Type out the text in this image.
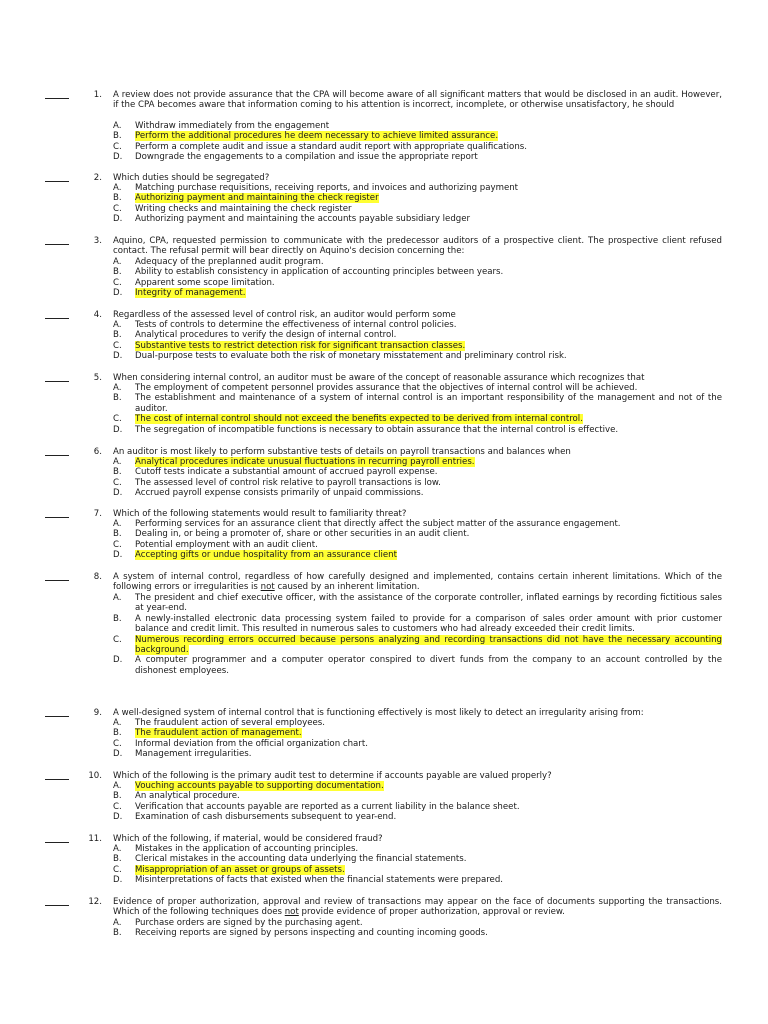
1. A review does not provide assurance that the CPA will become aware of all significant matters that would be disclosed in an audit. However, if the CPA becomes aware that information coming to his attention is incorrect, incomplete, or otherwise unsatisfactory, he should
A. Withdraw immediately from the engagement
B. Perform the additional procedures he deem necessary to achieve limited assurance.
C. Perform a complete audit and issue a standard audit report with appropriate qualifications.
D. Downgrade the engagements to a compilation and issue the appropriate report
2. Which duties should be segregated?
A. Matching purchase requisitions, receiving reports, and invoices and authorizing payment
B. Authorizing payment and maintaining the check register
C. Writing checks and maintaining the check register
D. Authorizing payment and maintaining the accounts payable subsidiary ledger
3. Aquino, CPA, requested permission to communicate with the predecessor auditors of a prospective client. The prospective client refused contact. The refusal permit will bear directly on Aquino's decision concerning the:
A. Adequacy of the preplanned audit program.
B. Ability to establish consistency in application of accounting principles between years.
C. Apparent some scope limitation.
D. Integrity of management.
4. Regardless of the assessed level of control risk, an auditor would perform some
A. Tests of controls to determine the effectiveness of internal control policies.
B. Analytical procedures to verify the design of internal control.
C. Substantive tests to restrict detection risk for significant transaction classes.
D. Dual-purpose tests to evaluate both the risk of monetary misstatement and preliminary control risk.
5. When considering internal control, an auditor must be aware of the concept of reasonable assurance which recognizes that
A. The employment of competent personnel provides assurance that the objectives of internal control will be achieved.
B. The establishment and maintenance of a system of internal control is an important responsibility of the management and not of the auditor.
C. The cost of internal control should not exceed the benefits expected to be derived from internal control.
D. The segregation of incompatible functions is necessary to obtain assurance that the internal control is effective.
6. An auditor is most likely to perform substantive tests of details on payroll transactions and balances when
A. Analytical procedures indicate unusual fluctuations in recurring payroll entries.
B. Cutoff tests indicate a substantial amount of accrued payroll expense.
C. The assessed level of control risk relative to payroll transactions is low.
D. Accrued payroll expense consists primarily of unpaid commissions.
7. Which of the following statements would result to familiarity threat?
A. Performing services for an assurance client that directly affect the subject matter of the assurance engagement.
B. Dealing in, or being a promoter of, share or other securities in an audit client.
C. Potential employment with an audit client.
D. Accepting gifts or undue hospitality from an assurance client
8. A system of internal control, regardless of how carefully designed and implemented, contains certain inherent limitations. Which of the following errors or irregularities is not caused by an inherent limitation.
A. The president and chief executive officer, with the assistance of the corporate controller, inflated earnings by recording fictitious sales at year-end.
B. A newly-installed electronic data processing system failed to provide for a comparison of sales order amount with prior customer balance and credit limit. This resulted in numerous sales to customers who had already exceeded their credit limits.
C. Numerous recording errors occurred because persons analyzing and recording transactions did not have the necessary accounting background.
D. A computer programmer and a computer operator conspired to divert funds from the company to an account controlled by the dishonest employees.
9. A well-designed system of internal control that is functioning effectively is most likely to detect an irregularity arising from:
A. The fraudulent action of several employees.
B. The fraudulent action of management.
C. Informal deviation from the official organization chart.
D. Management irregularities.
10. Which of the following is the primary audit test to determine if accounts payable are valued properly?
A. Vouching accounts payable to supporting documentation.
B. An analytical procedure.
C. Verification that accounts payable are reported as a current liability in the balance sheet.
D. Examination of cash disbursements subsequent to year-end.
11. Which of the following, if material, would be considered fraud?
A. Mistakes in the application of accounting principles.
B. Clerical mistakes in the accounting data underlying the financial statements.
C. Misappropriation of an asset or groups of assets.
D. Misinterpretations of facts that existed when the financial statements were prepared.
12. Evidence of proper authorization, approval and review of transactions may appear on the face of documents supporting the transactions. Which of the following techniques does not provide evidence of proper authorization, approval or review.
A. Purchase orders are signed by the purchasing agent.
B. Receiving reports are signed by persons inspecting and counting incoming goods.
